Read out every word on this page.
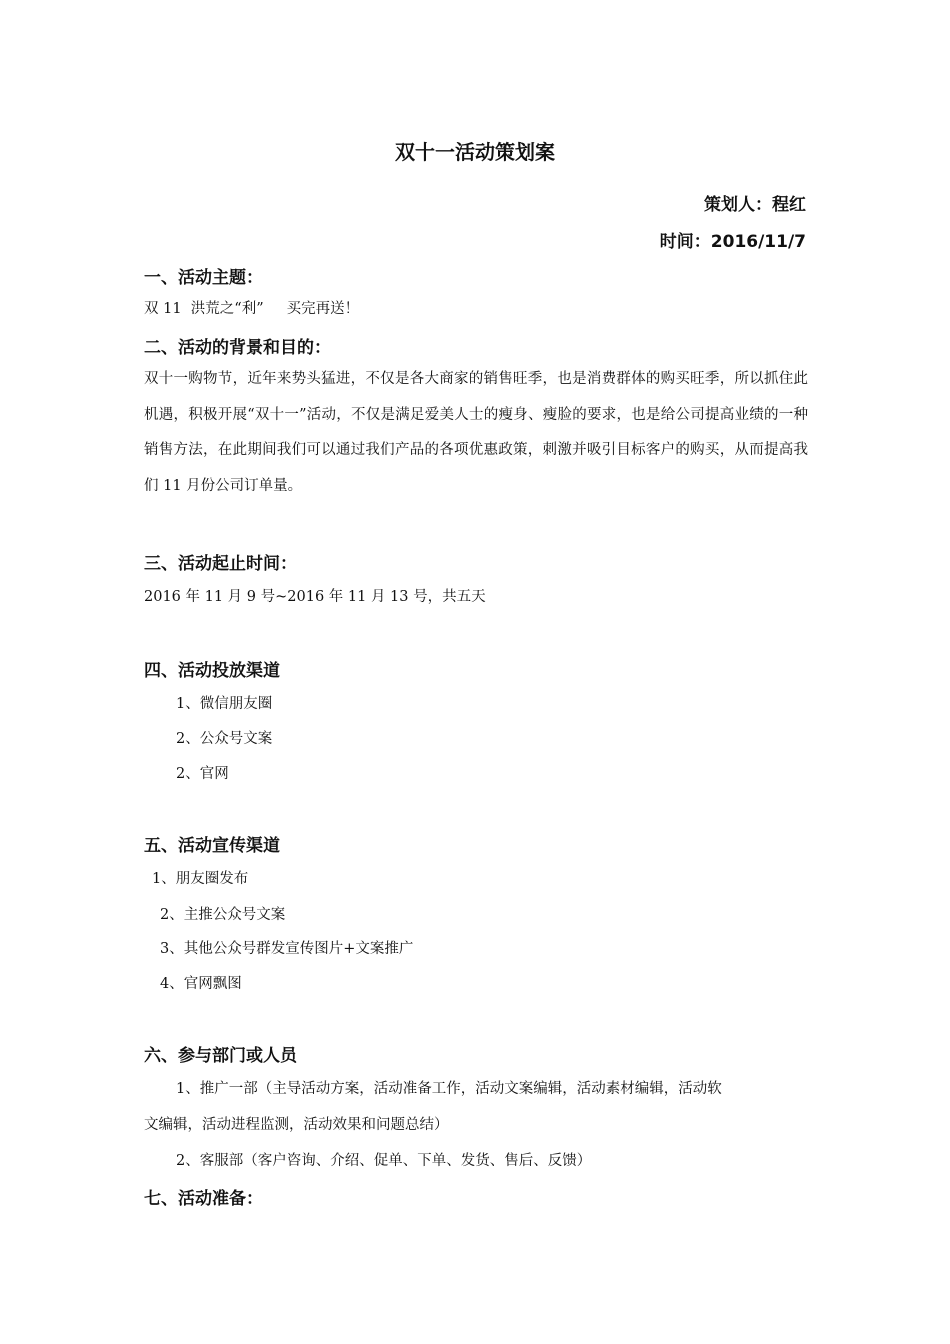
双十一活动策划案
策划人：程红
时间：2016/11/7
一、活动主题：
双 11  洪荒之“利”     买完再送！
二、活动的背景和目的：
双十一购物节，近年来势头猛进，不仅是各大商家的销售旺季，也是消费群体的购买旺季，所以抓住此机遇，积极开展“双十一”活动，不仅是满足爱美人士的瘦身、瘦脸的要求，也是给公司提高业绩的一种销售方法，在此期间我们可以通过我们产品的各项优惠政策，刺激并吸引目标客户的购买，从而提高我们 11 月份公司订单量。
三、活动起止时间：
2016 年 11 月 9 号~2016 年 11 月 13 号，共五天
四、活动投放渠道
1、微信朋友圈
2、公众号文案
2、官网
五、活动宣传渠道
1、朋友圈发布
2、主推公众号文案
3、其他公众号群发宣传图片+文案推广
4、官网飘图
六、参与部门或人员
1、推广一部（主导活动方案，活动准备工作，活动文案编辑，活动素材编辑，活动软
文编辑，活动进程监测，活动效果和问题总结）
2、客服部（客户咨询、介绍、促单、下单、发货、售后、反馈）
七、活动准备：
